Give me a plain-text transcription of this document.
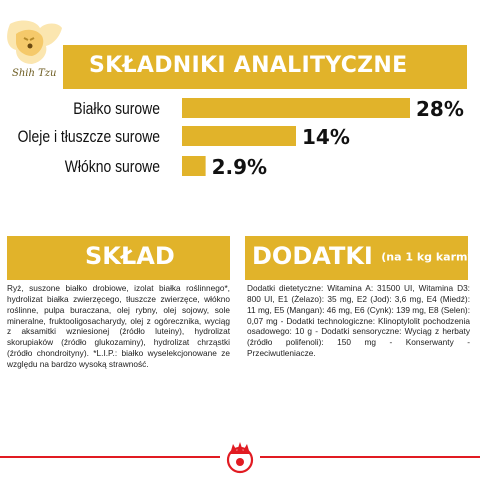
Shih Tzu SKŁADNIKI ANALITYCZNE
Białko surowe	28%
Oleje i tłuszcze surowe	14%
Włókno surowe	2.9%
SKŁAD
Ryż, suszone białko drobiowe, izolat białka roślinnego*, hydrolizat białka zwierzęcego, tłuszcze zwierzęce, włókno roślinne, pulpa buraczana, olej rybny, olej sojowy, sole mineralne, fruktooligosacharydy, olej z ogórecznika, wyciąg z aksamitki wzniesionej (źródło luteiny), hydrolizat skorupiaków (źródło glukozaminy), hydrolizat chrząstki (źródło chondroityny). *L.I.P.: białko wyselekcjonowane ze względu na bardzo wysoką strawność.
DODATKI (na 1 kg karmy)
Dodatki dietetyczne: Witamina A: 31500 UI, Witamina D3: 800 UI, E1 (Żelazo): 35 mg, E2 (Jod): 3,6 mg, E4 (Miedź): 11 mg, E5 (Mangan): 46 mg, E6 (Cynk): 139 mg, E8 (Selen): 0,07 mg - Dodatki technologiczne: Klinoptylolit pochodzenia osadowego: 10 g - Dodatki sensoryczne: Wyciąg z herbaty (źródło polifenoli): 150 mg - Konserwanty - Przeciwutleniacze.
